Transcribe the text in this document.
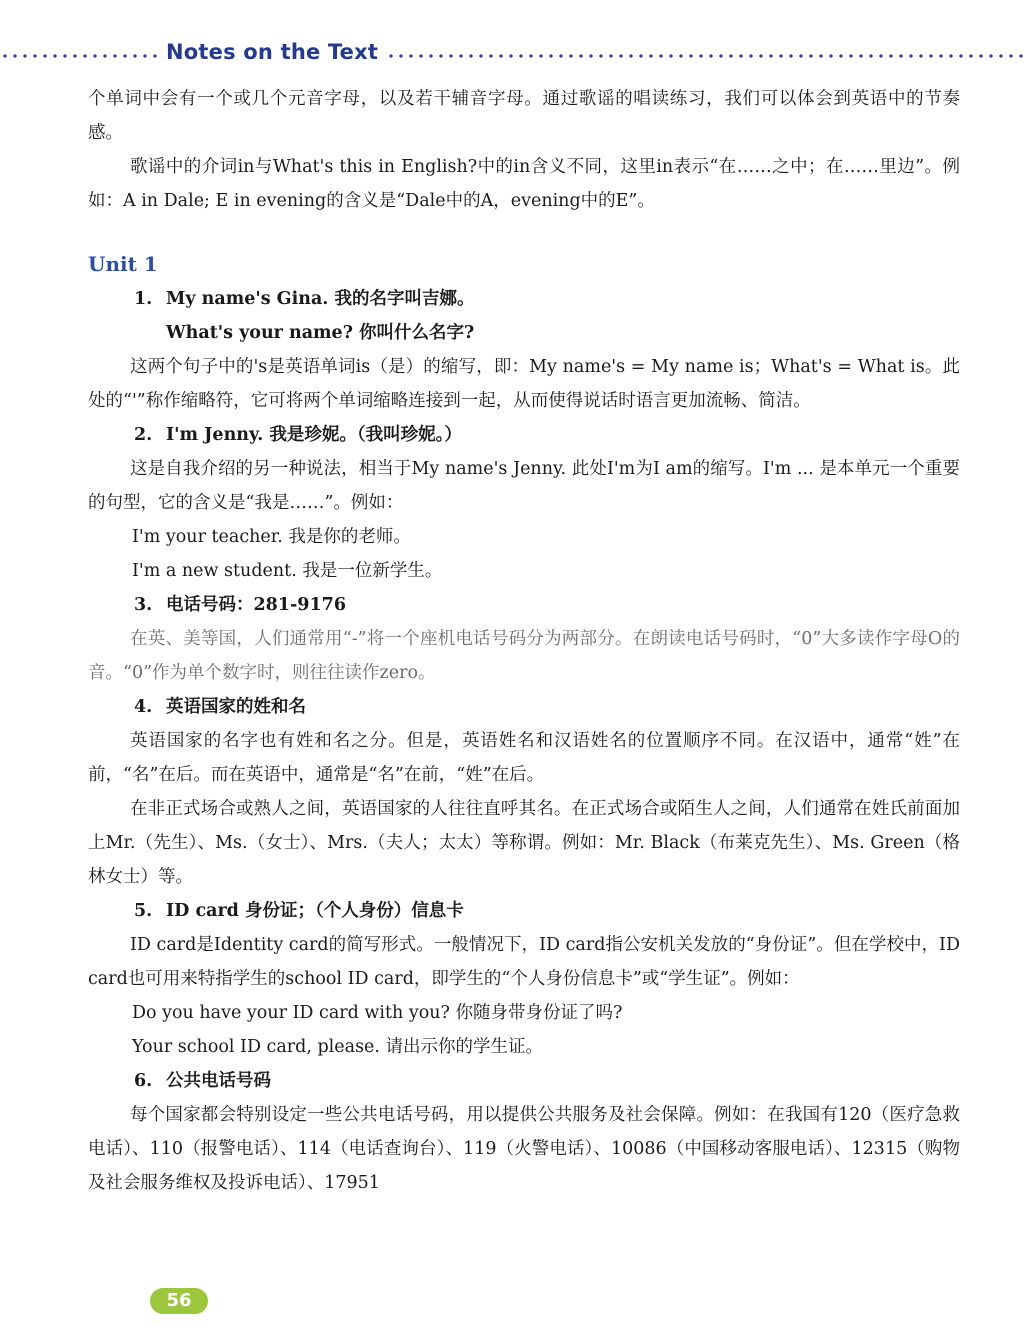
Notes on the Text

个单词中会有一个或几个元音字母，以及若干辅音字母。通过歌谣的唱读练习，我们可以体会到英语中的节奏感。

歌谣中的介词in与What's this in English?中的in含义不同，这里in表示“在……之中；在……里边”。例如：A in Dale; E in evening的含义是“Dale中的A，evening中的E”。

Unit 1

1. My name's Gina. 我的名字叫吉娜。

What's your name? 你叫什么名字?

这两个句子中的's是英语单词is（是）的缩写，即：My name's = My name is；What's = What is。此处的“'”称作缩略符，它可将两个单词缩略连接到一起，从而使得说话时语言更加流畅、简洁。

2. I'm Jenny. 我是珍妮。（我叫珍妮。）

这是自我介绍的另一种说法，相当于My name's Jenny. 此处I'm为I am的缩写。I'm ... 是本单元一个重要的句型，它的含义是“我是……”。例如：

I'm your teacher. 我是你的老师。

I'm a new student. 我是一位新学生。

3. 电话号码：281-9176

在英、美等国，人们通常用“-”将一个座机电话号码分为两部分。在朗读电话号码时，“0”大多读作字母O的音。“0”作为单个数字时，则往往读作zero。

4. 英语国家的姓和名

英语国家的名字也有姓和名之分。但是，英语姓名和汉语姓名的位置顺序不同。在汉语中，通常“姓”在前，“名”在后。而在英语中，通常是“名”在前，“姓”在后。

在非正式场合或熟人之间，英语国家的人往往直呼其名。在正式场合或陌生人之间，人们通常在姓氏前面加上Mr.（先生）、Ms.（女士）、Mrs.（夫人；太太）等称谓。例如：Mr. Black（布莱克先生）、Ms. Green（格林女士）等。

5. ID card 身份证；（个人身份）信息卡

ID card是Identity card的简写形式。一般情况下，ID card指公安机关发放的“身份证”。但在学校中，ID card也可用来特指学生的school ID card，即学生的“个人身份信息卡”或“学生证”。例如：

Do you have your ID card with you? 你随身带身份证了吗?

Your school ID card, please. 请出示你的学生证。

6. 公共电话号码

每个国家都会特别设定一些公共电话号码，用以提供公共服务及社会保障。例如：在我国有120（医疗急救电话）、110（报警电话）、114（电话查询台）、119（火警电话）、10086（中国移动客服电话）、12315（购物及社会服务维权及投诉电话）、17951

56
